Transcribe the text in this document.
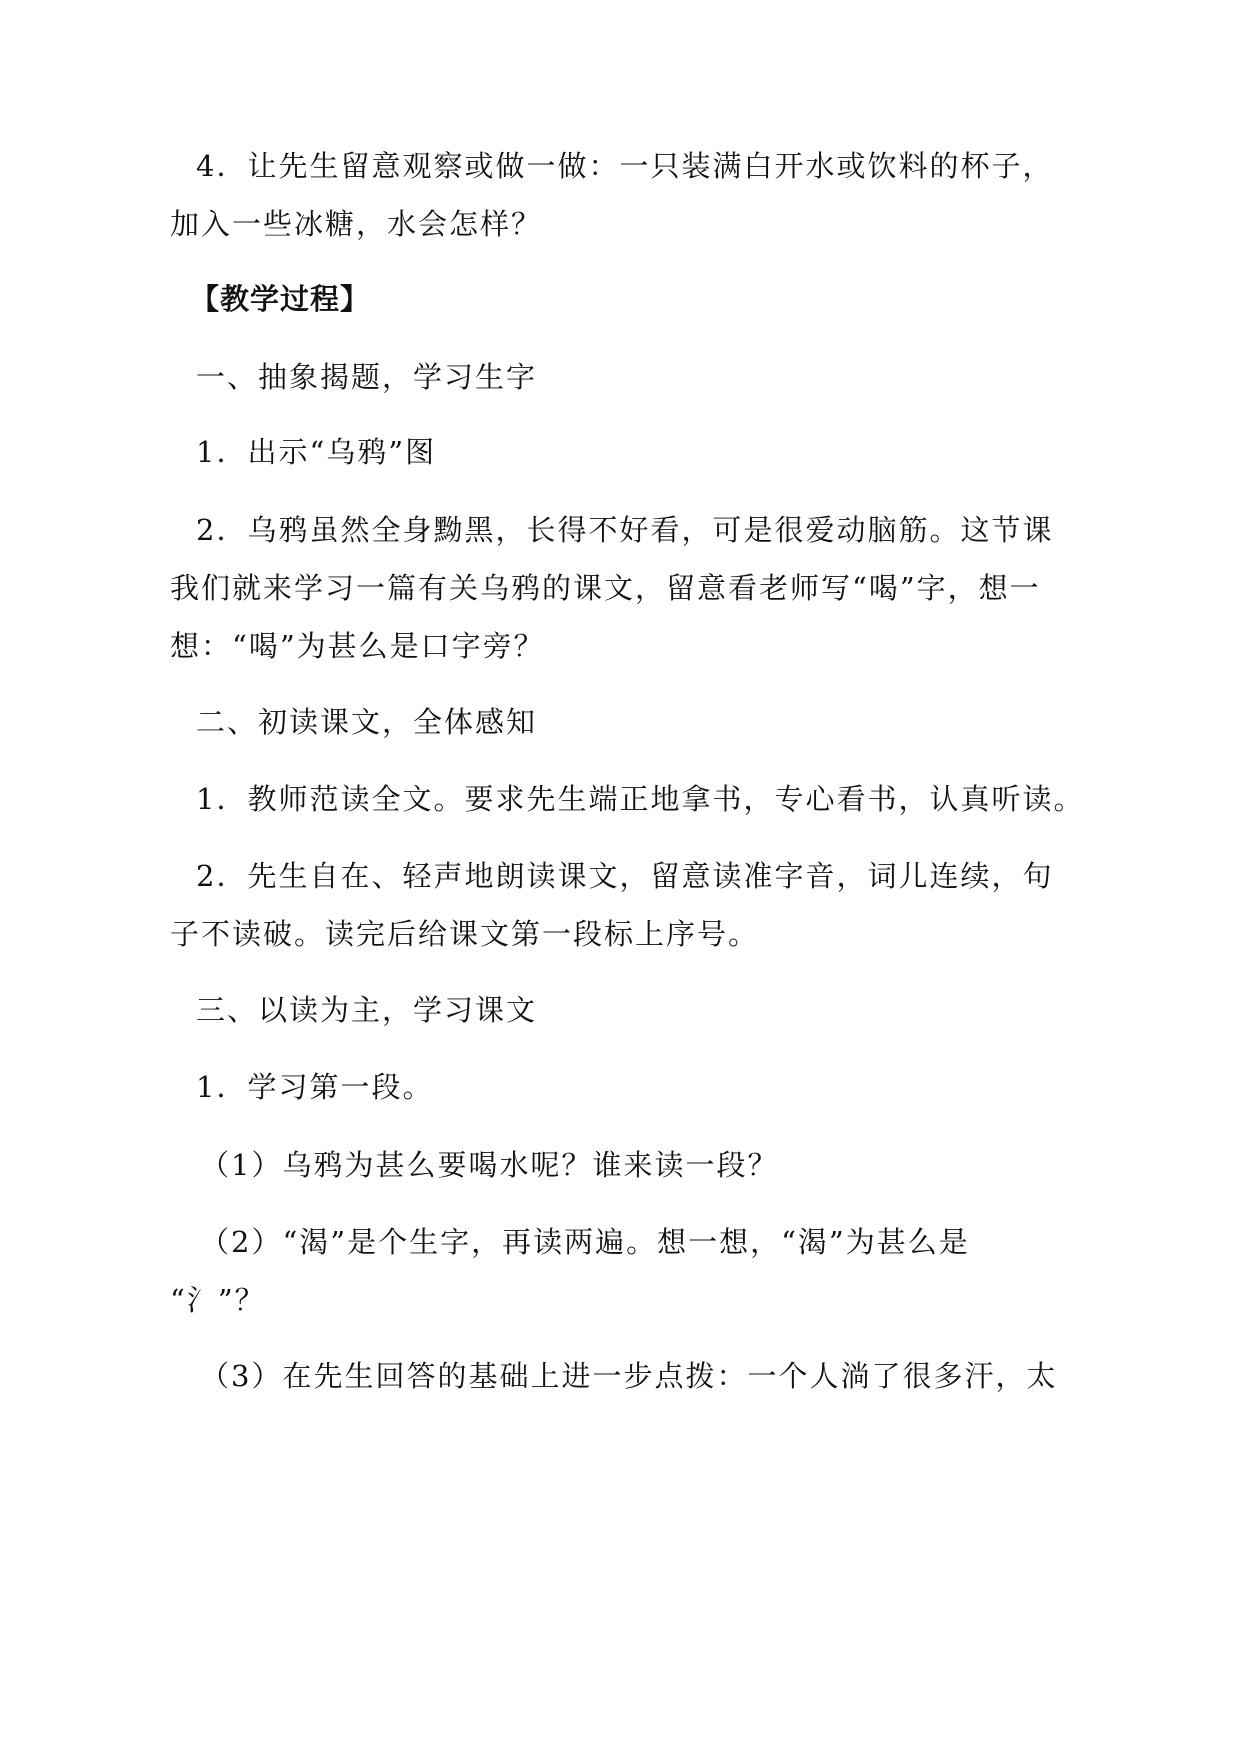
4．让先生留意观察或做一做：一只装满白开水或饮料的杯子，
加入一些冰糖，水会怎样？
【教学过程】
一、抽象揭题，学习生字
1．出示“乌鸦”图
2．乌鸦虽然全身黝黑，长得不好看，可是很爱动脑筋。这节课
我们就来学习一篇有关乌鸦的课文，留意看老师写“喝”字，想一
想：“喝”为甚么是口字旁？
二、初读课文，全体感知
1．教师范读全文。要求先生端正地拿书，专心看书，认真听读。
2．先生自在、轻声地朗读课文，留意读准字音，词儿连续，句
子不读破。读完后给课文第一段标上序号。
三、以读为主，学习课文
1．学习第一段。
（1）乌鸦为甚么要喝水呢？谁来读一段？
（2）“渴”是个生字，再读两遍。想一想，“渴”为甚么是
“氵”？
（3）在先生回答的基础上进一步点拨：一个人淌了很多汗，太
